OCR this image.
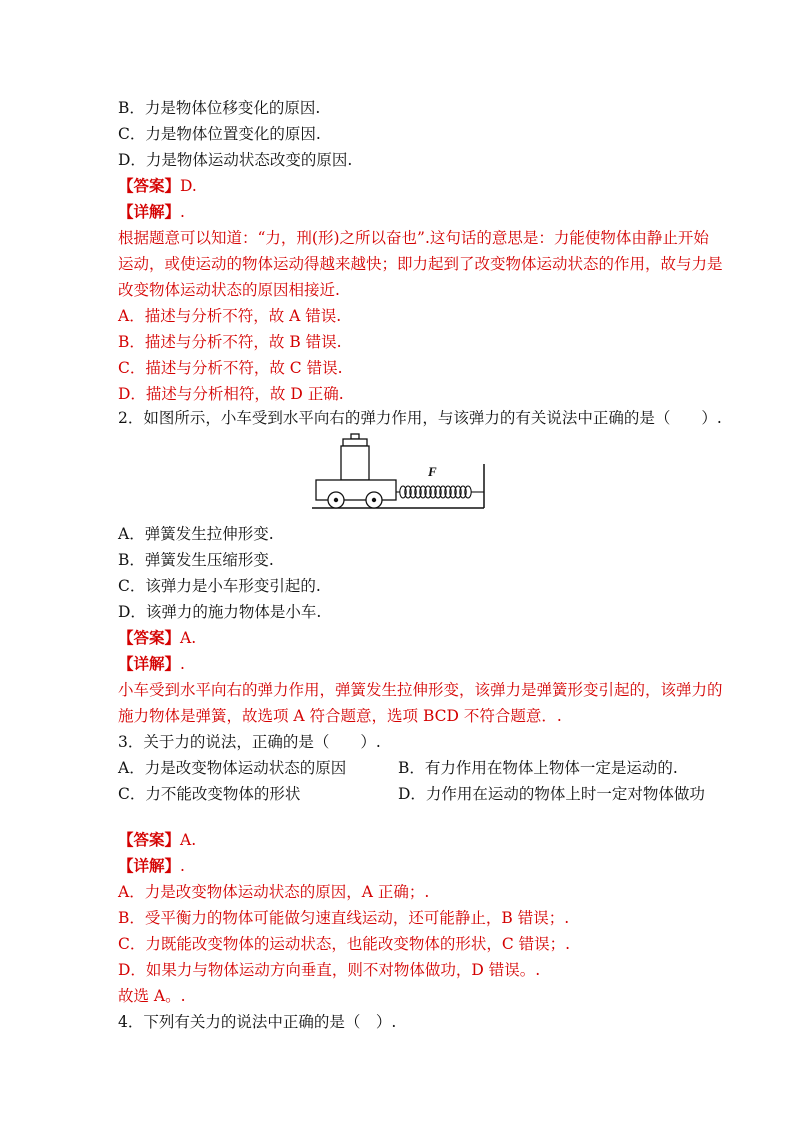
B．力是物体位移变化的原因.
C．力是物体位置变化的原因.
D．力是物体运动状态改变的原因.
【答案】D.
【详解】.
根据题意可以知道：“力，刑(形)之所以奋也”.这句话的意思是：力能使物体由静止开始
运动，或使运动的物体运动得越来越快；即力起到了改变物体运动状态的作用，故与力是
改变物体运动状态的原因相接近.
A．描述与分析不符，故 A 错误.
B．描述与分析不符，故 B 错误.
C．描述与分析不符，故 C 错误.
D．描述与分析相符，故 D 正确.
2．如图所示，小车受到水平向右的弹力作用，与该弹力的有关说法中正确的是（　　）.
F
A．弹簧发生拉伸形变.
B．弹簧发生压缩形变.
C．该弹力是小车形变引起的.
D．该弹力的施力物体是小车.
【答案】A.
【详解】.
小车受到水平向右的弹力作用，弹簧发生拉伸形变，该弹力是弹簧形变引起的，该弹力的
施力物体是弹簧，故选项 A 符合题意，选项 BCD 不符合题意．.
3．关于力的说法，正确的是（　　）.
A．力是改变物体运动状态的原因	B．有力作用在物体上物体一定是运动的.
C．力不能改变物体的形状	D．力作用在运动的物体上时一定对物体做功
【答案】A.
【详解】.
A．力是改变物体运动状态的原因，A 正确；.
B．受平衡力的物体可能做匀速直线运动，还可能静止，B 错误；.
C．力既能改变物体的运动状态，也能改变物体的形状，C 错误；.
D．如果力与物体运动方向垂直，则不对物体做功，D 错误。.
故选 A。.
4．下列有关力的说法中正确的是（　）.
